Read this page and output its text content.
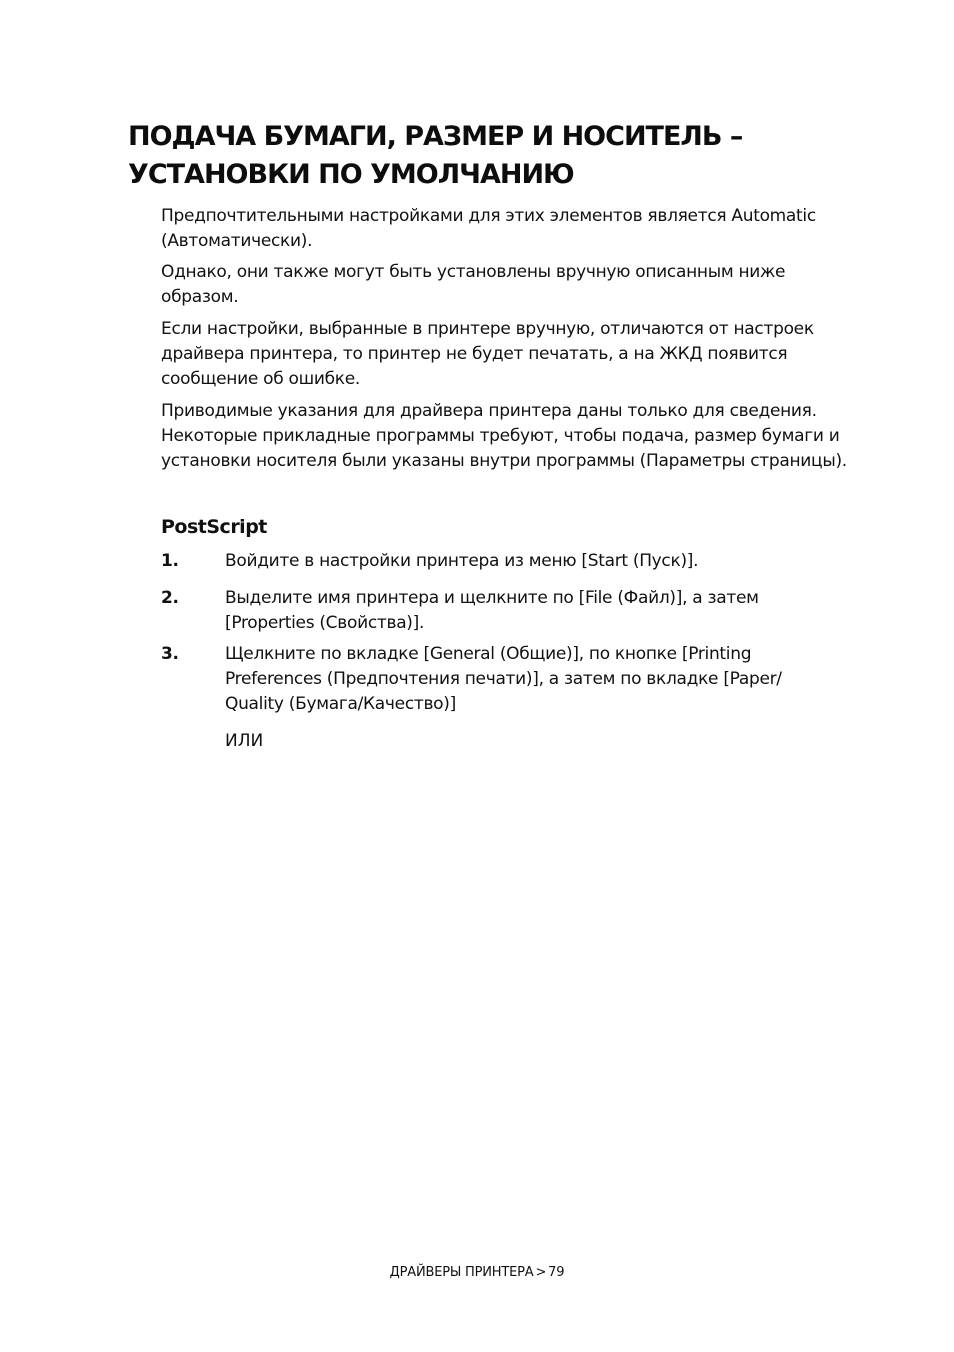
ПОДАЧА БУМАГИ, РАЗМЕР И НОСИТЕЛЬ –
УСТАНОВКИ ПО УМОЛЧАНИЮ

Предпочтительными настройками для этих элементов является Automatic (Автоматически).

Однако, они также могут быть установлены вручную описанным ниже образом.

Если настройки, выбранные в принтере вручную, отличаются от настроек драйвера принтера, то принтер не будет печатать, а на ЖКД появится сообщение об ошибке.

Приводимые указания для драйвера принтера даны только для сведения. Некоторые прикладные программы требуют, чтобы подача, размер бумаги и установки носителя были указаны внутри программы (Параметры страницы).

PostScript
1.	Войдите в настройки принтера из меню [Start (Пуск)].
2.	Выделите имя принтера и щелкните по [File (Файл)], а затем [Properties (Свойства)].
3.	Щелкните по вкладке [General (Общие)], по кнопке [Printing Preferences (Предпочтения печати)], а затем по вкладке [Paper/ Quality (Бумага/Качество)]
ИЛИ
ДРАЙВЕРЫ ПРИНТЕРА > 79
